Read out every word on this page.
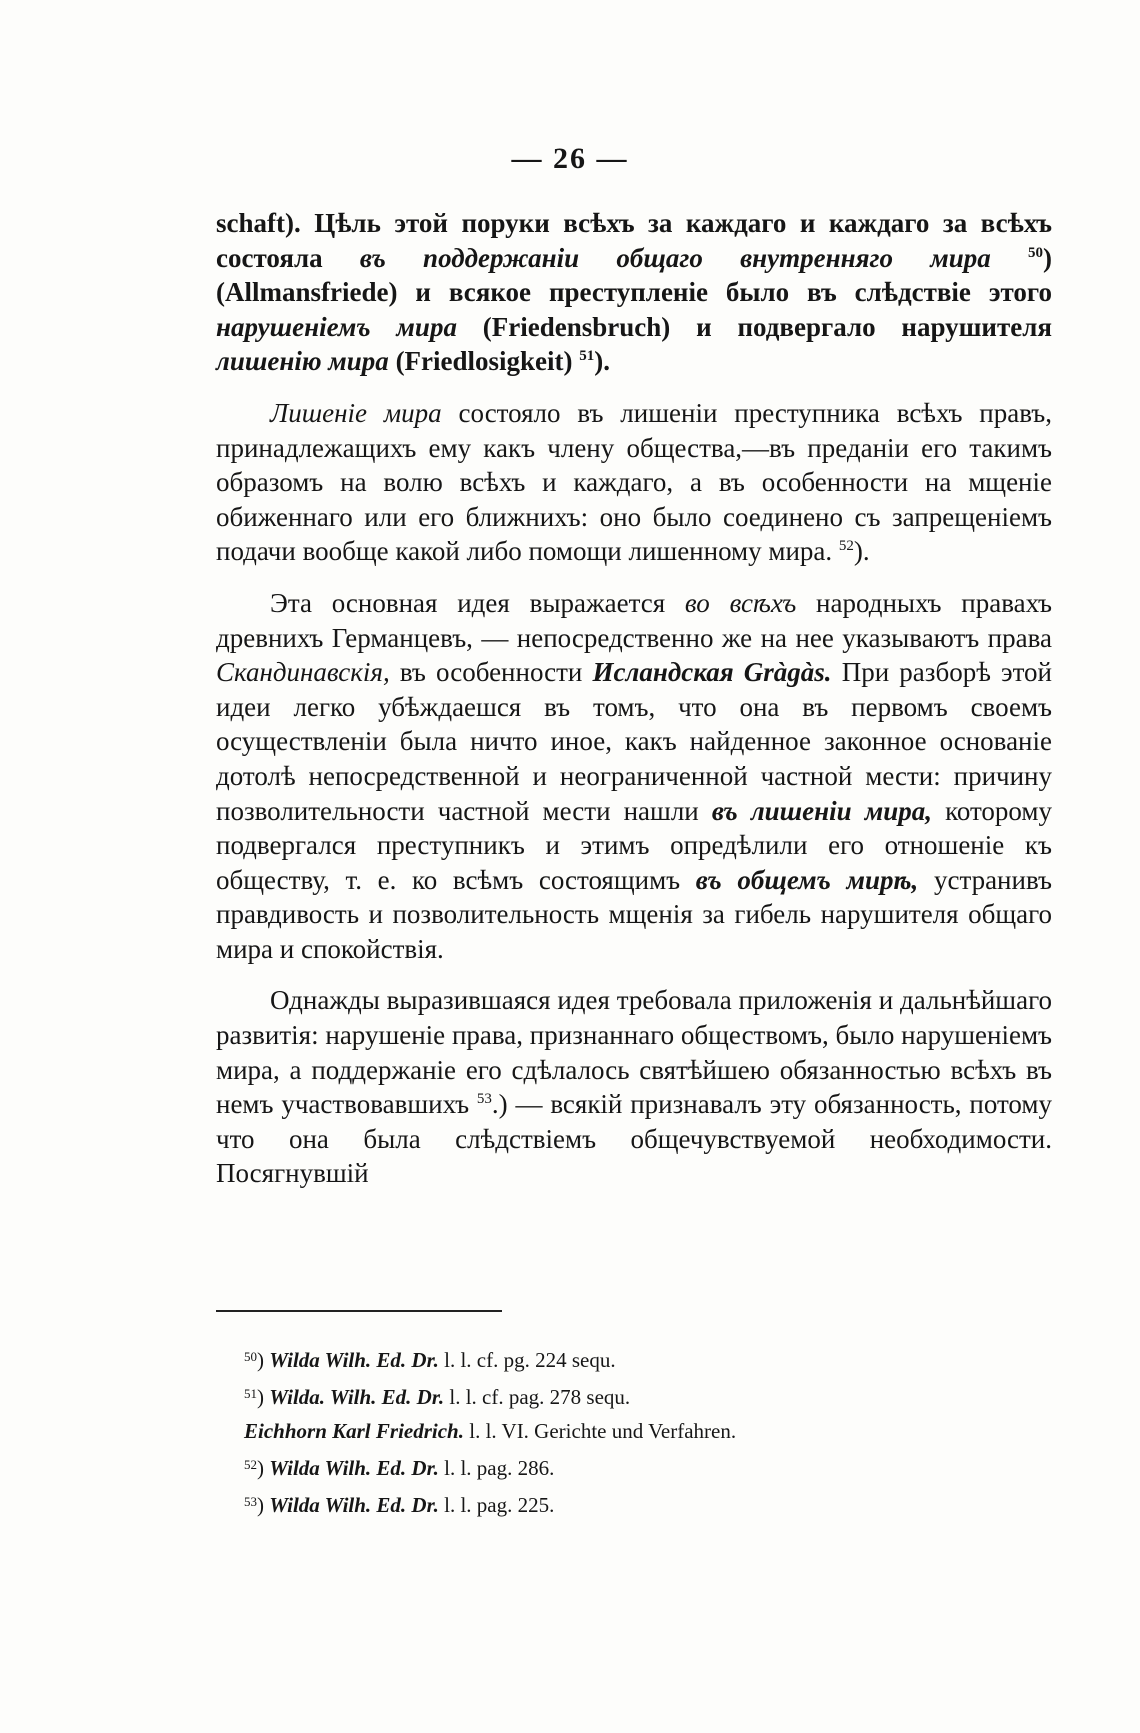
— 26 —

schaft). Цѣль этой поруки всѣхъ за каждаго и каждаго за всѣхъ состояла въ поддержаніи общаго внутренняго мира $^{50}$) (Allmansfriede) и всякое преступленіе было въ слѣдствіе этого нарушеніемъ мира (Friedensbruch) и подвергало нарушителя лишенію мира (Friedlosigkeit) $^{51}$).

Лишеніе мира состояло въ лишеніи преступника всѣхъ правъ, принадлежащихъ ему какъ члену общества,—въ преданіи его такимъ образомъ на волю всѣхъ и каждаго, а въ особенности на мщеніе обиженнаго или его ближнихъ: оно было соединено съ запрещеніемъ подачи вообще какой либо помощи лишенному мира. $^{52}$).

Эта основная идея выражается во всѣхъ народныхъ правахъ древнихъ Германцевъ, — непосредственно же на нее указываютъ права Скандинавскія, въ особенности Исландская Gràgàs. При разборѣ этой идеи легко убѣждаешся въ томъ, что она въ первомъ своемъ осуществленіи была ничто иное, какъ найденное законное основаніе дотолѣ непосредственной и неограниченной частной мести: причину позволительности частной мести нашли въ лишеніи мира, которому подвергался преступникъ и этимъ опредѣлили его отношеніе къ обществу, т. е. ко всѣмъ состоящимъ въ общемъ мирѣ, устранивъ правдивость и позволительность мщенія за гибель нарушителя общаго мира и спокойствія.

Однажды выразившаяся идея требовала приложенія и дальнѣйшаго развитія: нарушеніе права, признаннаго обществомъ, было нарушеніемъ мира, а поддержаніе его сдѣлалось святѣйшею обязанностью всѣхъ въ немъ участвовавшихъ $^{53}$.) — всякій признавалъ эту обязанность, потому что она была слѣдствіемъ общечувствуемой необходимости. Посягнувшій

$^{50}$) Wilda Wilh. Ed. Dr. l. l. cf. pg. 224 sequ.
$^{51}$) Wilda. Wilh. Ed. Dr. l. l. cf. pag. 278 sequ.
Eichhorn Karl Friedrich. l. l. VI. Gerichte und Verfahren.
$^{52}$) Wilda Wilh. Ed. Dr. l. l. pag. 286.
$^{53}$) Wilda Wilh. Ed. Dr. l. l. pag. 225.
